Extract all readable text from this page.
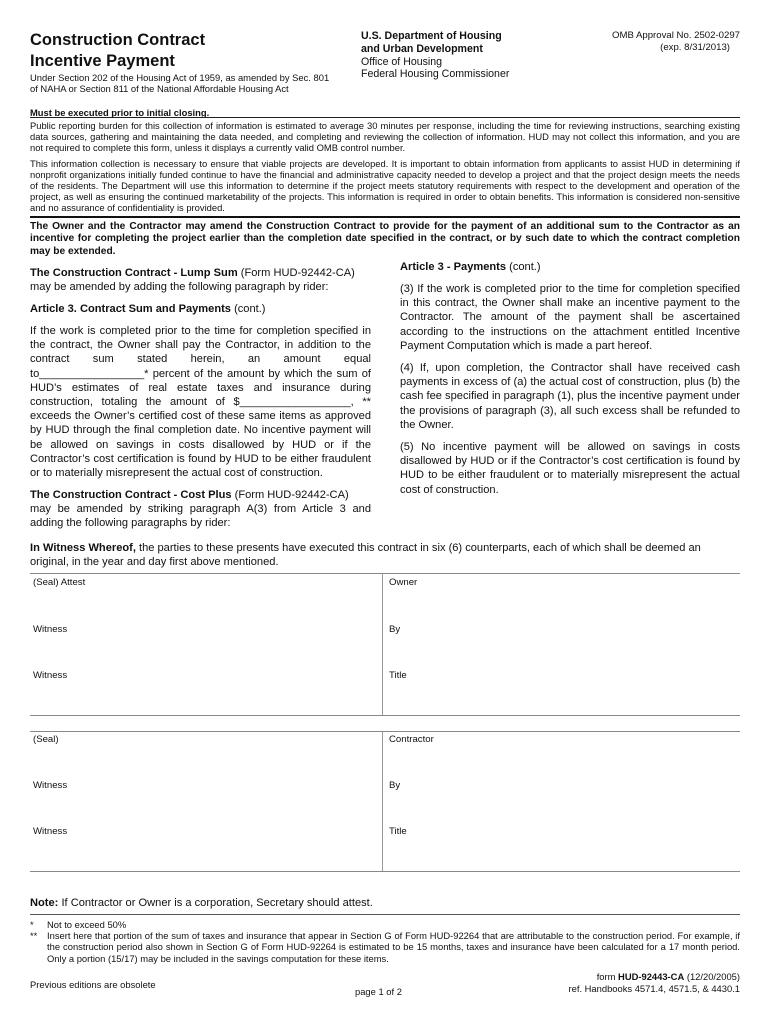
Construction Contract
Incentive Payment
Under Section 202 of the Housing Act of 1959, as amended by Sec. 801 of NAHA or Section 811 of the National Affordable Housing Act
Must be executed prior to initial closing.
U.S. Department of Housing
and Urban Development
Office of Housing
Federal Housing Commissioner
OMB Approval No. 2502-0297
(exp. 8/31/2013)
Public reporting burden for this collection of information is estimated to average 30 minutes per response, including the time for reviewing instructions, searching existing data sources, gathering and maintaining the data needed, and completing and reviewing the collection of information. HUD may not collect this information, and you are not required to complete this form, unless it displays a currently valid OMB control number.
This information collection is necessary to ensure that viable projects are developed. It is important to obtain information from applicants to assist HUD in determining if nonprofit organizations initially funded continue to have the financial and administrative capacity needed to develop a project and that the project design meets the needs of the residents. The Department will use this information to determine if the project meets statutory requirements with respect to the development and operation of the project, as well as ensuring the continued marketability of the projects. This information is required in order to obtain benefits. This information is considered non-sensitive and no assurance of confidentiality is provided.
The Owner and the Contractor may amend the Construction Contract to provide for the payment of an additional sum to the Contractor as an incentive for completing the project earlier than the completion date specified in the contract, or by such date to which the contract completion may be extended.

The Construction Contract - Lump Sum (Form HUD-92442-CA)

may be amended by adding the following paragraph by rider:

Article 3. Contract Sum and Payments (cont.)
If the work is completed prior to the time for completion specified in the contract, the Owner shall pay the Contractor, in addition to the contract sum stated herein, an amount equal to_________________* percent of the amount by which the sum of HUD’s estimates of real estate taxes and insurance during construction, totaling the amount of $__________________, ** exceeds the Owner’s certified cost of these same items as approved by HUD through the final completion date. No incentive payment will be allowed on savings in costs disallowed by HUD or if the Contractor’s cost certification is found by HUD to be either fraudulent or to materially misrepresent the actual cost of construction.

The Construction Contract - Cost Plus (Form HUD-92442-CA)

may be amended by striking paragraph A(3) from Article 3 and adding the following paragraphs by rider:

Article 3 - Payments (cont.)
(3) If the work is completed prior to the time for completion specified in this contract, the Owner shall make an incentive payment to the Contractor. The amount of the payment shall be ascertained according to the instructions on the attachment entitled Incentive Payment Computation which is made a part hereof.
(4) If, upon completion, the Contractor shall have received cash payments in excess of (a) the actual cost of construction, plus (b) the cash fee specified in paragraph (1), plus the incentive payment under the provisions of paragraph (3), all such excess shall be refunded to the Owner.
(5) No incentive payment will be allowed on savings in costs disallowed by HUD or if the Contractor’s cost certification is found by HUD to be either fraudulent or to materially misrepresent the actual cost of construction.
In Witness Whereof, the parties to these presents have executed this contract in six (6) counterparts, each of which shall be deemed an original, in the year and day first above mentioned.
(Seal) Attest
Witness
Witness
Owner
By
Title
(Seal)
Witness
Witness
Contractor
By
Title
Note: If Contractor or Owner is a corporation, Secretary should attest.
* Not to exceed 50%
**	Insert here that portion of the sum of taxes and insurance that appear in Section G of Form HUD-92264 that are attributable to the construction period. For example, if the construction period also shown in Section G of Form HUD-92264 is estimated to be 15 months, taxes and insurance have been calculated for a 17 month period. Only a portion (15/17) may be included in the savings computation for these items.
Previous editions are obsolete
page 1 of 2
form HUD-92443-CA (12/20/2005)
ref. Handbooks 4571.4, 4571.5, & 4430.1
